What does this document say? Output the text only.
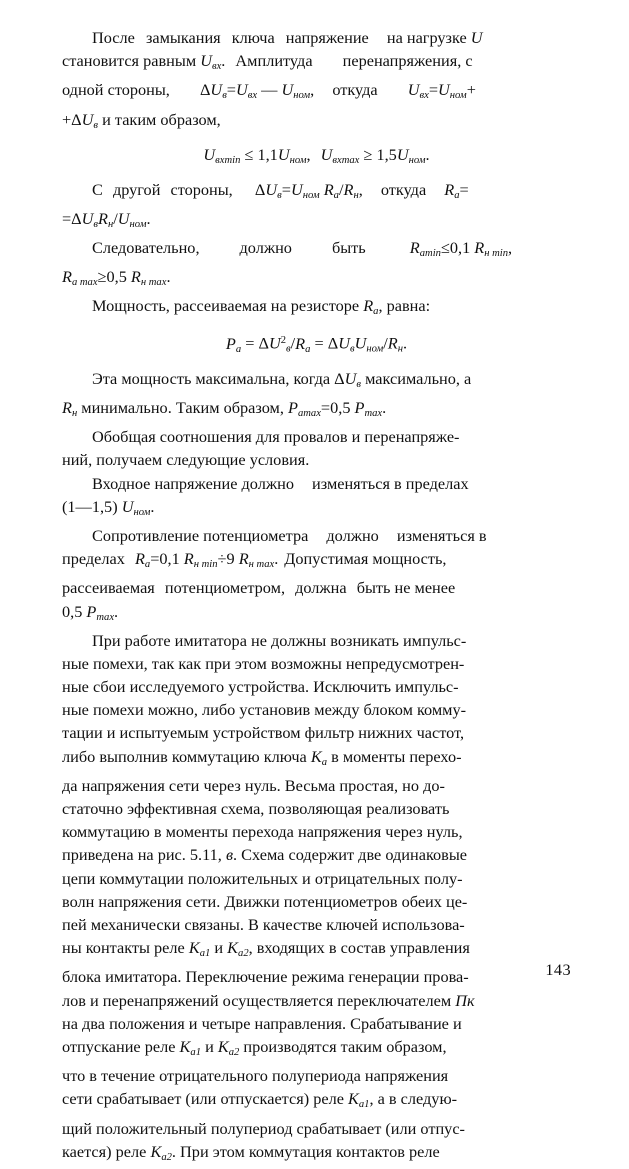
После замыкания ключа напряжение на нагрузке U
становится равным $U_{вх}$. Амплитуда перенапряжения, с
одной стороны, $\Delta U_в=U_{вх}$ — $U_{ном}$, откуда $U_{вх}=U_{ном}+$
$+\Delta U_в$ и таким образом,

$U_{вхmin} \le 1,1U_{ном}$, $U_{вхmax} \ge 1,5U_{ном}$.

С другой стороны,  $\Delta U_в=U_{ном}$ $R_a/R_н$, откуда $R_a=$
$=\Delta U_вR_н/U_{ном}$.

Следовательно, должно быть	$R_{amin}\le 0,1$ $R_{н min}$,
$R_{a max}\ge 0,5$ $R_{н max}$.

Мощность, рассеиваемая на резисторе $R_a$, равна:

$P_a = \Delta U^2_в/R_a = \Delta U_вU_{ном}/R_н$.

Эта мощность максимальна, когда $\Delta U_в$ максимально, а
$R_н$ минимально. Таким образом, $P_{amax}=0,5$ $P_{max}$.

Обобщая соотношения для провалов и перенапряже-
ний, получаем следующие условия.

Входное напряжение должно изменяться в пределах
(1—1,5) $U_{ном}$.

Сопротивление потенциометра должно изменяться в
пределах $R_a=0,1$ $R_{н min}\div 9$ $R_{н max}$. Допустимая мощность,
рассеиваемая потенциометром, должна быть не менее
0,5 $P_{max}$.

При работе имитатора не должны возникать импульс-
ные помехи, так как при этом возможны непредусмотрен-
ные сбои исследуемого устройства. Исключить импульс-
ные помехи можно, либо установив между блоком комму-
тации и испытуемым устройством фильтр нижних частот,
либо выполнив коммутацию ключа $K_a$ в моменты перехо-
да напряжения сети через нуль. Весьма простая, но до-
статочно эффективная схема, позволяющая реализовать
коммутацию в моменты перехода напряжения через нуль,
приведена на рис. 5.11, в. Схема содержит две одинаковые
цепи коммутации положительных и отрицательных полу-
волн напряжения сети. Движки потенциометров обеих це-
пей механически связаны. В качестве ключей использова-
ны контакты реле $K_{a1}$ и $K_{a2}$, входящих в состав управления
блока имитатора. Переключение режима генерации прова-
лов и перенапряжений осуществляется переключателем Пк
на два положения и четыре направления. Срабатывание и
отпускание реле $K_{a1}$ и $K_{a2}$ производятся таким образом,
что в течение отрицательного полупериода напряжения
сети срабатывает (или отпускается) реле $K_{a1}$, а в следую-
щий положительный полупериод срабатывает (или отпус-
кается) реле $K_{a2}$. При этом коммутация контактов реле

143
